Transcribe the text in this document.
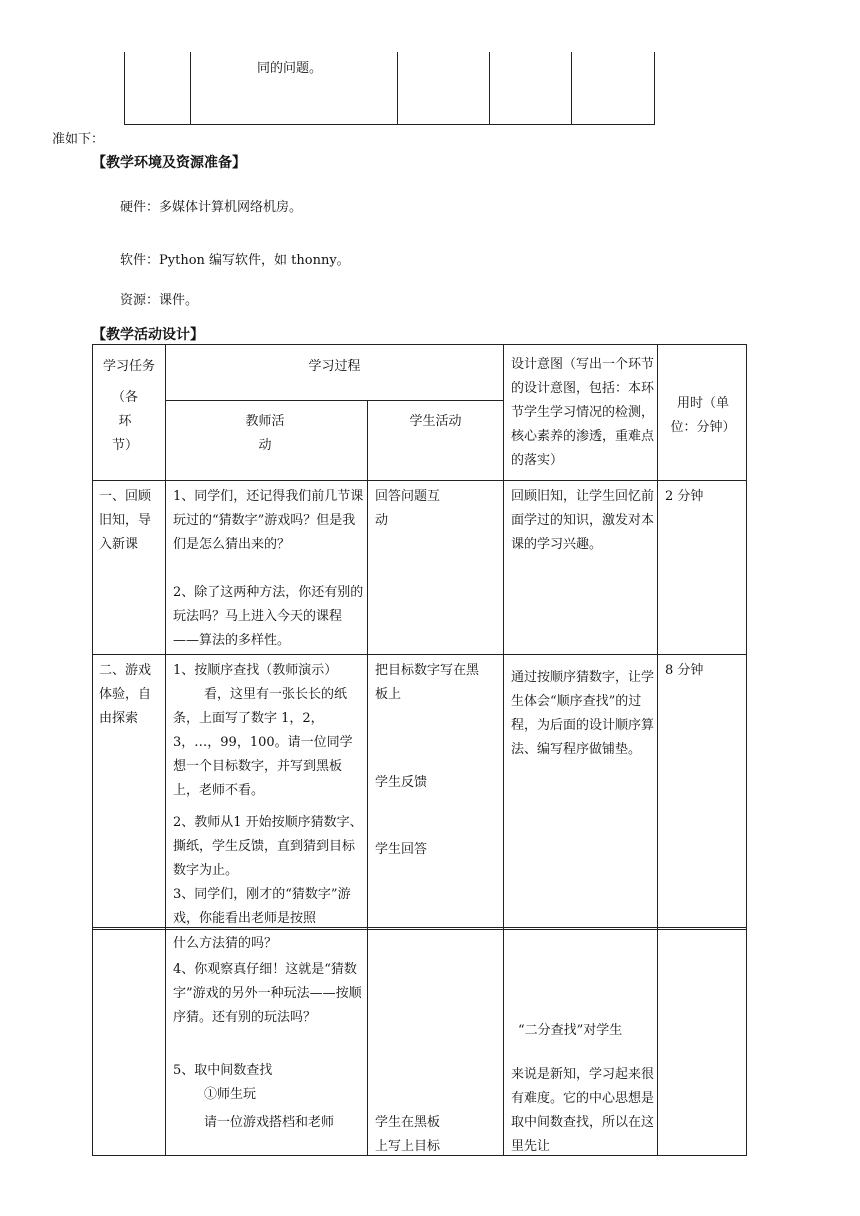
同的问题。
准如下：
【教学环境及资源准备】
硬件：多媒体计算机网络机房。
软件：Python 编写软件，如 thonny。
资源：课件。
【教学活动设计】
学习任务
（各
环
节）
学习过程
教师活
动
学生活动
设计意图（写出一个环节的设计意图，包括：本环节学生学习情况的检测，核心素养的渗透，重难点的落实）
用时（单
位：分钟）
一、回顾旧知，导入新课
1、同学们，还记得我们前几节课玩过的“猜数字”游戏吗？但是我们是怎么猜出来的？
2、除了这两种方法，你还有别的玩法吗？马上进入今天的课程——算法的多样性。
回答问题互
动
回顾旧知，让学生回忆前面学过的知识，激发对本课的学习兴趣。
2 分钟
二、游戏体验，自由探索
1、按顺序查找（教师演示）
看，这里有一张长长的纸条，上面写了数字 1，2，3，…，99，100。请一位同学想一个目标数字，并写到黑板上，老师不看。
2、教师从1 开始按顺序猜数字、撕纸，学生反馈，直到猜到目标数字为止。
3、同学们，刚才的“猜数字”游戏，你能看出老师是按照
把目标数字写在黑板上
学生反馈
学生回答
通过按顺序猜数字，让学生体会“顺序查找”的过程，为后面的设计顺序算法、编写程序做铺垫。
8 分钟
什么方法猜的吗？
4、你观察真仔细！这就是“猜数字”游戏的另外一种玩法——按顺序猜。还有别的玩法吗？
5、取中间数查找
①师生玩
请一位游戏搭档和老师	学生在黑板
上写上目标
“二分查找”对学生
来说是新知，学习起来很有难度。它的中心思想是取中间数查找，所以在这里先让
